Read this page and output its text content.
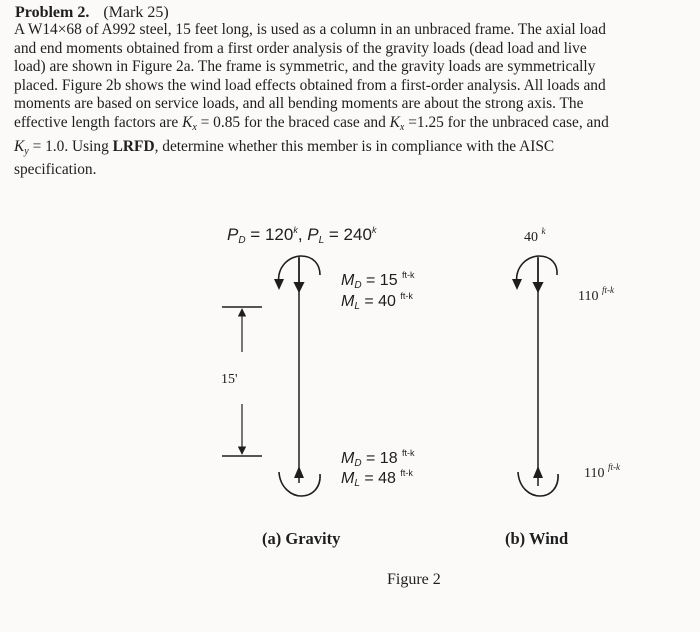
Problem 2. (Mark 25)
A W14×68 of A992 steel, 15 feet long, is used as a column in an unbraced frame. The axial load
and end moments obtained from a first order analysis of the gravity loads (dead load and live
load) are shown in Figure 2a. The frame is symmetric, and the gravity loads are symmetrically
placed. Figure 2b shows the wind load effects obtained from a first-order analysis. All loads and
moments are based on service loads, and all bending moments are about the strong axis. The
effective length factors are Kx = 0.85 for the braced case and Kx =1.25 for the unbraced case, and
Ky = 1.0. Using LRFD, determine whether this member is in compliance with the AISC
specification.
PD = $120^k$, PL = $240^k$
MD = 15 $^{ft-k}$
ML = 40 $^{ft-k}$
15'
MD = 18 $^{ft-k}$
ML = 48 $^{ft-k}$
(a) Gravity
40 $^k$
110 $^{ft-k}$
110 $^{ft-k}$
(b) Wind
Figure 2
